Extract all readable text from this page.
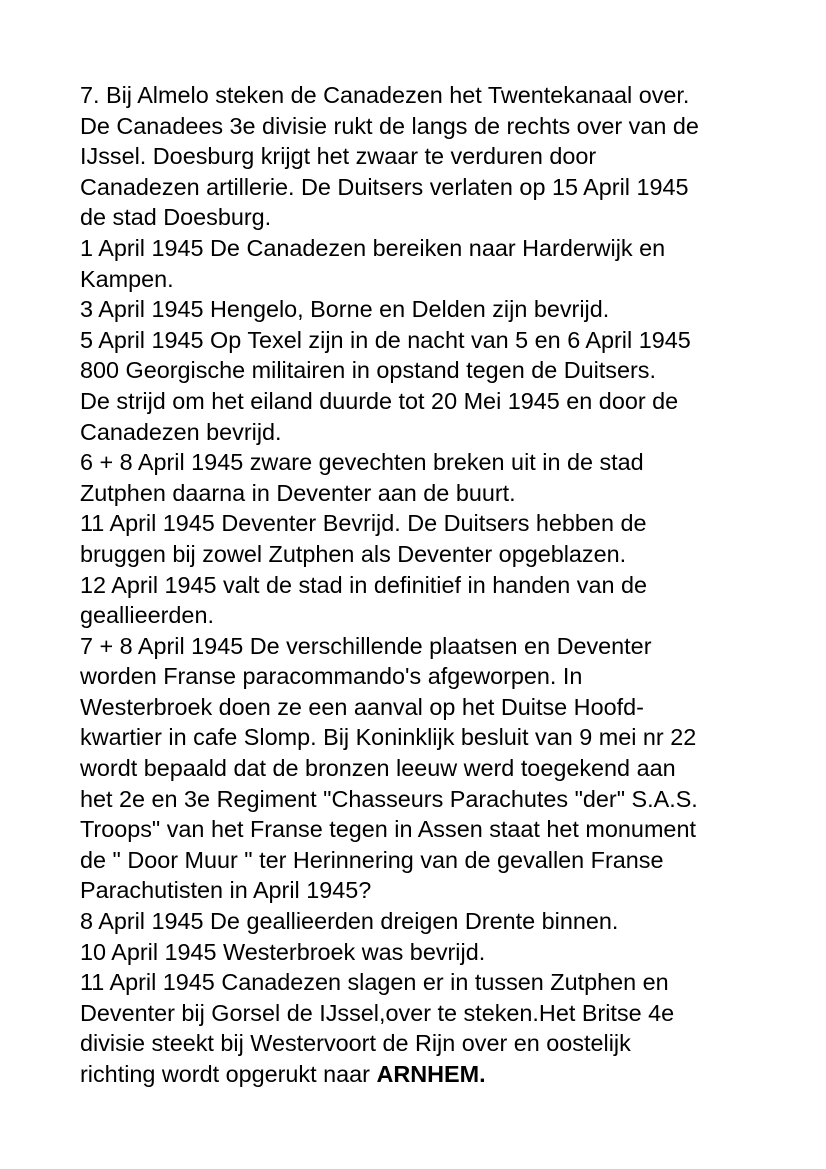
7. Bij Almelo steken de Canadezen het Twentekanaal over.
De Canadees 3e divisie rukt de langs de rechts over van de
IJssel. Doesburg krijgt het zwaar te verduren door
Canadezen artillerie. De Duitsers verlaten op 15 April 1945
de stad Doesburg.
1 April 1945 De Canadezen bereiken naar Harderwijk en
Kampen.
3 April 1945 Hengelo, Borne en Delden zijn bevrijd.
5 April 1945 Op Texel zijn in de nacht van 5 en 6 April 1945
800 Georgische militairen in opstand tegen de Duitsers.
De strijd om het eiland duurde tot 20 Mei 1945 en door de
Canadezen bevrijd.
6 + 8 April 1945 zware gevechten breken uit in de stad
Zutphen daarna in Deventer aan de buurt.
11 April 1945 Deventer Bevrijd. De Duitsers hebben de
bruggen bij zowel Zutphen als Deventer opgeblazen.
12 April 1945 valt de stad in definitief in handen van de
geallieerden.
7 + 8 April 1945 De verschillende plaatsen en Deventer
worden Franse paracommando's afgeworpen. In
Westerbroek doen ze een aanval op het Duitse Hoofd-
kwartier in cafe Slomp. Bij Koninklijk besluit van 9 mei nr 22
wordt bepaald dat de bronzen leeuw werd toegekend aan
het 2e en 3e Regiment "Chasseurs Parachutes "der" S.A.S.
Troops" van het Franse tegen in Assen staat het monument
de " Door Muur " ter Herinnering van de gevallen Franse
Parachutisten in April 1945?
8 April 1945 De geallieerden dreigen Drente binnen.
10 April 1945 Westerbroek was bevrijd.
11 April 1945 Canadezen slagen er in tussen Zutphen en
Deventer bij Gorsel de IJssel,over te steken.Het Britse 4e
divisie steekt bij Westervoort de Rijn over en oostelijk
richting wordt opgerukt naar ARNHEM.
